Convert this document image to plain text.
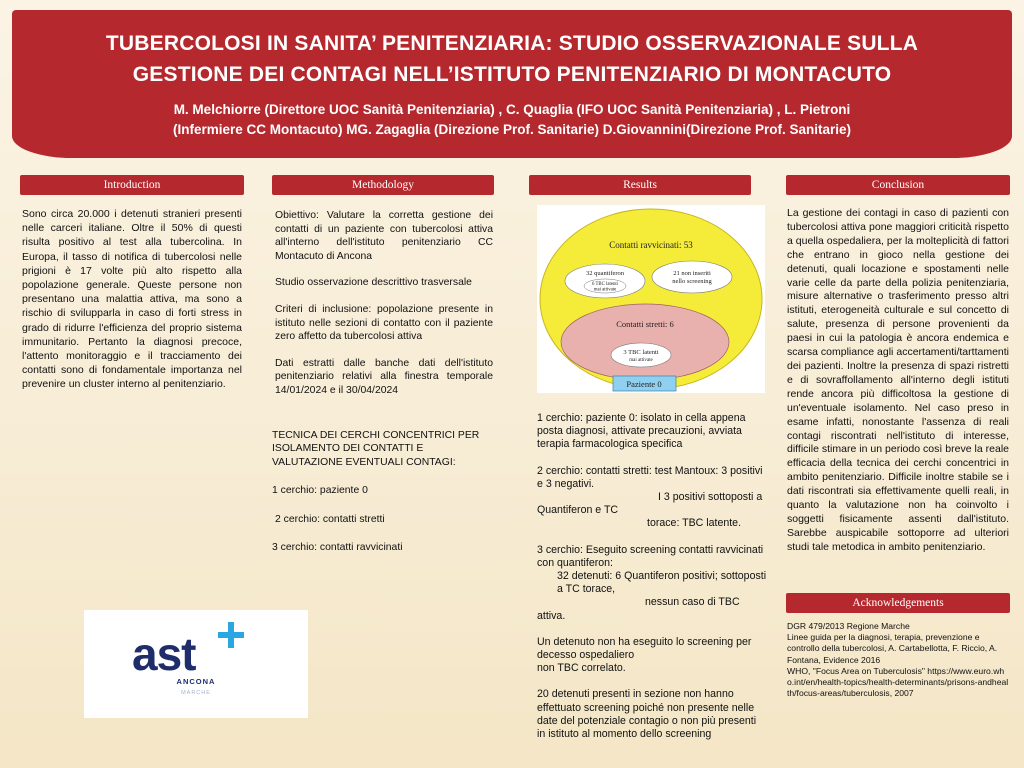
TUBERCOLOSI IN SANITA’ PENITENZIARIA: STUDIO OSSERVAZIONALE SULLA
GESTIONE DEI CONTAGI NELL’ISTITUTO PENITENZIARIO DI MONTACUTO
M. Melchiorre (Direttore UOC Sanità Penitenziaria) , C. Quaglia (IFO UOC Sanità Penitenziaria) , L. Pietroni
(Infermiere CC Montacuto) MG. Zagaglia (Direzione Prof. Sanitarie) D.Giovannini(Direzione Prof. Sanitarie)
Introduction
Sono circa 20.000 i detenuti stranieri presenti nelle carceri italiane. Oltre il 50% di questi risulta positivo al test alla tubercolina. In Europa, il tasso di notifica di tubercolosi nelle prigioni è 17 volte più alto rispetto alla popolazione generale. Queste persone non presentano una malattia attiva, ma sono a rischio di svilupparla in caso di forti stress in grado di ridurre l'efficienza del proprio sistema immunitario. Pertanto la diagnosi precoce, l'attento monitoraggio e il tracciamento dei contatti sono di fondamentale importanza nel prevenire un cluster interno al penitenziario.
ast
ANCONA
MARCHE
Methodology

Obiettivo: Valutare la corretta gestione dei contatti di un paziente con tubercolosi attiva all'interno dell'istituto penitenziario CC Montacuto di Ancona

Studio osservazione descrittivo trasversale

Criteri di inclusione: popolazione presente in istituto nelle sezioni di contatto con il paziente zero affetto da tubercolosi attiva

Dati estratti dalle banche dati dell'istituto penitenziario relativi alla finestra temporale 14/01/2024 e il 30/04/2024

TECNICA DEI CERCHI CONCENTRICI PER ISOLAMENTO DEI CONTATTI E VALUTAZIONE EVENTUALI CONTAGI:

1 cerchio: paziente 0

2 cerchio: contatti stretti

3 cerchio: contatti ravvicinati

Results
Contatti ravvicinati: 53
32 quantiferon
6 TBC latenti
mai attivate
21 non inseriti
nello screening
Contatti stretti: 6
3 TBC latenti
mai attivate
Paziente 0

1 cerchio: paziente 0: isolato in cella appena posta diagnosi, attivate precauzioni, avviata terapia farmacologica specifica

2 cerchio: contatti stretti: test Mantoux: 3 positivi e 3 negativi.

I 3 positivi sottoposti a

Quantiferon e TC

torace: TBC latente.

3 cerchio: Eseguito screening contatti ravvicinati con quantiferon:

32 detenuti: 6 Quantiferon positivi; sottoposti a TC torace,

nessun caso di TBC

attiva.

Un detenuto non ha eseguito lo screening per decesso ospedaliero

non TBC correlato.

20 detenuti presenti in sezione non hanno effettuato screening poiché non presente nelle date del potenziale contagio o non più presenti in istituto al momento dello screening

Conclusion
La gestione dei contagi in caso di pazienti con tubercolosi attiva pone maggiori criticità rispetto a quella ospedaliera, per la molteplicità di fattori che entrano in gioco nella gestione dei detenuti, quali locazione e spostamenti nelle varie celle da parte della polizia penitenziaria, misure alternative o trasferimento presso altri istituti, eterogeneità culturale e sul concetto di salute, presenza di persone provenienti da paesi in cui la patologia è ancora endemica e scarsa compliance agli accertamenti/tarttamenti dei pazienti. Inoltre la presenza di spazi ristretti e di sovraffollamento all'interno degli istituti rende ancora più difficoltosa la gestione di un'eventuale isolamento. Nel caso preso in esame infatti, nonostante l'assenza di reali contagi riscontrati nell'istituto di interesse, difficile stimare in un periodo così breve la reale efficacia della tecnica dei cerchi concentrici in ambito penitenziario. Difficile inoltre stabile se i dati riscontrati sia effettivamente quelli reali, in quanto la valutazione non ha coinvolto i soggetti fisicamente assenti dall'istituto. Sarebbe auspicabile sottoporre ad ulteriori studi tale metodica in ambito penitenziario.
Acknowledgements

DGR 479/2013 Regione Marche

Linee guida per la diagnosi, terapia, prevenzione e controllo della tubercolosi, A. Cartabellotta, F. Riccio, A. Fontana, Evidence 2016

WHO, "Focus Area on Tuberculosis" https://www.euro.who.int/en/health-topics/health-determinants/prisons-andhealth/focus-areas/tuberculosis, 2007
